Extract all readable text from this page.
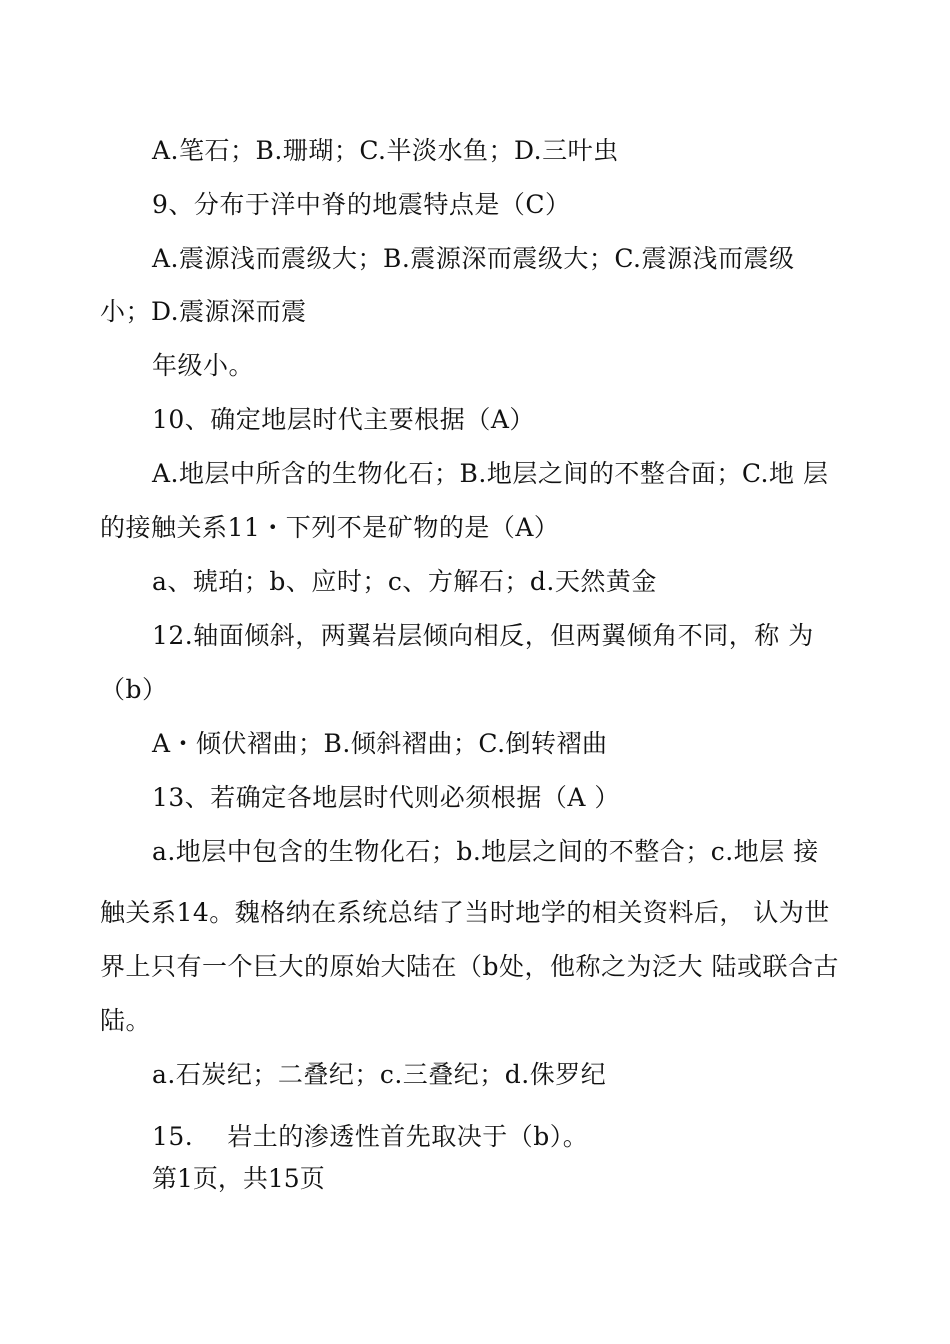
A.笔石；B.珊瑚；C.半淡水鱼；D.三叶虫
9、分布于洋中脊的地震特点是（C）
A.震源浅而震级大；B.震源深而震级大；C.震源浅而震级
小；D.震源深而震
年级小。
10、确定地层时代主要根据（A）
A.地层中所含的生物化石；B.地层之间的不整合面；C.地 层
的接触关系11・下列不是矿物的是（A）
a、琥珀；b、应时；c、方解石；d.天然黄金
12.轴面倾斜，两翼岩层倾向相反，但两翼倾角不同，称 为
（b）
A・倾伏褶曲；B.倾斜褶曲；C.倒转褶曲
13、若确定各地层时代则必须根据（A ）
a.地层中包含的生物化石；b.地层之间的不整合；c.地层 接
触关系14。魏格纳在系统总结了当时地学的相关资料后， 认为世
界上只有一个巨大的原始大陆在（b处，他称之为泛大 陆或联合古
陆。
a.石炭纪；二叠纪；c.三叠纪；d.侏罗纪
15.　 岩土的渗透性首先取决于（b）。
第1页，共15页
